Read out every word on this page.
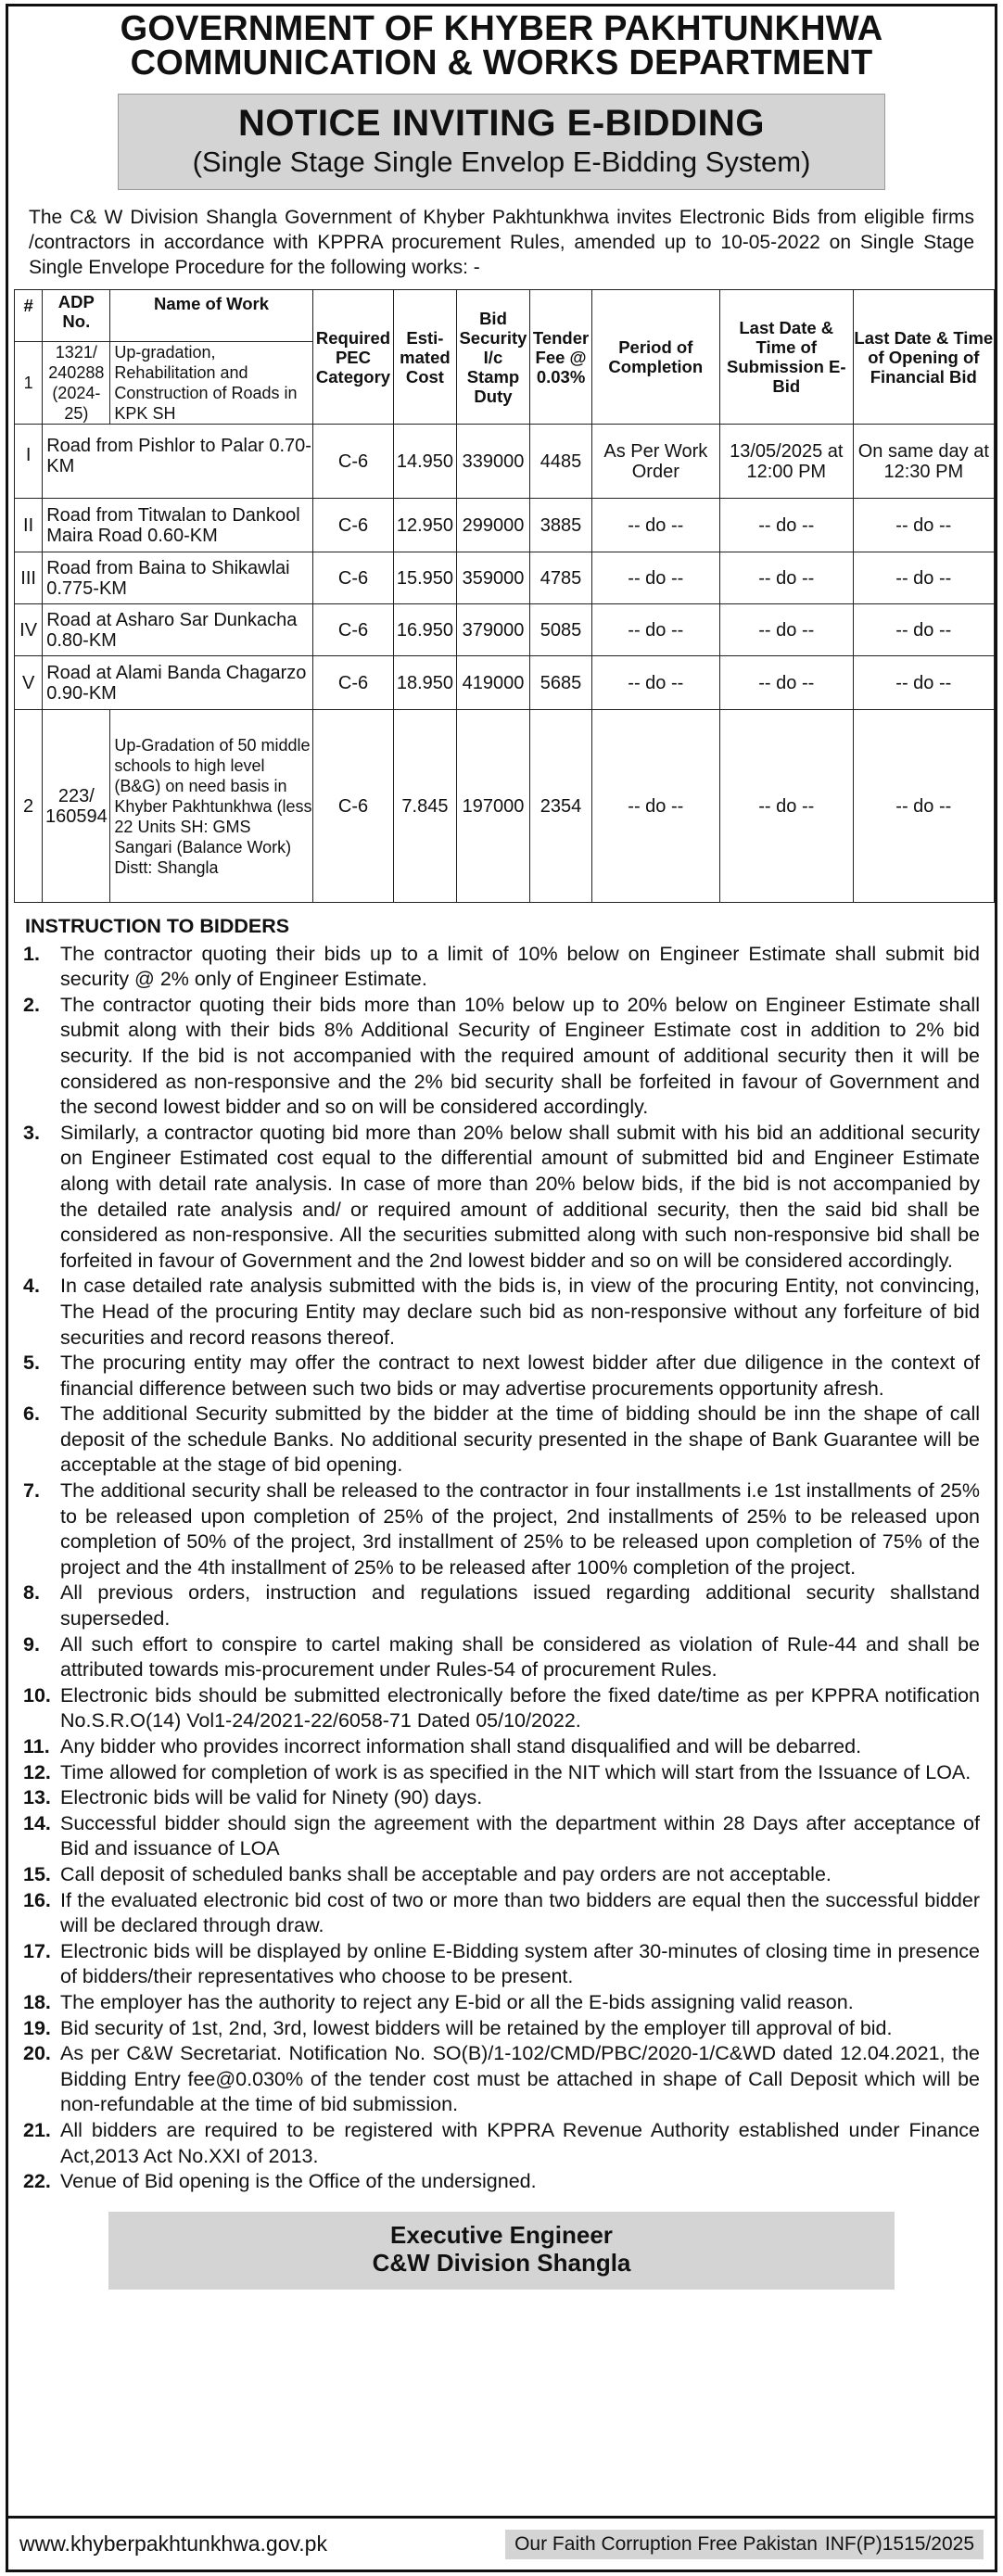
GOVERNMENT OF KHYBER PAKHTUNKHWA
COMMUNICATION & WORKS DEPARTMENT
NOTICE INVITING E-BIDDING
(Single Stage Single Envelop E-Bidding System)

The C& W Division Shangla Government of Khyber Pakhtunkhwa invites Electronic Bids from eligible firms /contractors in accordance with KPPRA procurement Rules, amended up to 10-05-2022 on Single Stage Single Envelope Procedure for the following works: -

#	ADP No.	Name of Work	Required PEC Category	Esti-mated Cost	Bid Security I/c Stamp Duty	Tender Fee @ 0.03%	Period of Completion	Last Date & Time of Submission E-Bid	Last Date & Time of Opening of Financial Bid
1	1321/ 240288 (2024-25)	Up-gradation, Rehabilitation and Construction of Roads in KPK SH							
I	Road from Pishlor to Palar 0.70-KM		C-6	14.950	339000	4485	As Per Work Order	13/05/2025 at 12:00 PM	On same day at 12:30 PM
II	Road from Titwalan to Dankool Maira Road 0.60-KM		C-6	12.950	299000	3885	-- do --	-- do --	-- do --
III	Road from Baina to Shikawlai 0.775-KM		C-6	15.950	359000	4785	-- do --	-- do --	-- do --
IV	Road at Asharo Sar Dunkacha 0.80-KM		C-6	16.950	379000	5085	-- do --	-- do --	-- do --
V	Road at Alami Banda Chagarzo 0.90-KM		C-6	18.950	419000	5685	-- do --	-- do --	-- do --
2	223/ 160594	Up-Gradation of 50 middle schools to high level (B&G) on need basis in Khyber Pakhtunkhwa (less 22 Units SH: GMS Sangari (Balance Work) Distt: Shangla	C-6	7.845	197000	2354	-- do --	-- do --	-- do --
INSTRUCTION TO BIDDERS
1.	The contractor quoting their bids up to a limit of 10% below on Engineer Estimate shall submit bid security @ 2% only of Engineer Estimate.
2.	The contractor quoting their bids more than 10% below up to 20% below on Engineer Estimate shall submit along with their bids 8% Additional Security of Engineer Estimate cost in addition to 2% bid security. If the bid is not accompanied with the required amount of additional security then it will be considered as non-responsive and the 2% bid security shall be forfeited in favour of Government and the second lowest bidder and so on will be considered accordingly.
3.	Similarly, a contractor quoting bid more than 20% below shall submit with his bid an additional security on Engineer Estimated cost equal to the differential amount of submitted bid and Engineer Estimate along with detail rate analysis. In case of more than 20% below bids, if the bid is not accompanied by the detailed rate analysis and/ or required amount of additional security, then the said bid shall be considered as non-responsive. All the securities submitted along with such non-responsive bid shall be forfeited in favour of Government and the 2nd lowest bidder and so on will be considered accordingly.
4.	In case detailed rate analysis submitted with the bids is, in view of the procuring Entity, not convincing, The Head of the procuring Entity may declare such bid as non-responsive without any forfeiture of bid securities and record reasons thereof.
5.	The procuring entity may offer the contract to next lowest bidder after due diligence in the context of financial difference between such two bids or may advertise procurements opportunity afresh.
6.	The additional Security submitted by the bidder at the time of bidding should be inn the shape of call deposit of the schedule Banks. No additional security presented in the shape of Bank Guarantee will be acceptable at the stage of bid opening.
7.	The additional security shall be released to the contractor in four installments i.e 1st installments of 25% to be released upon completion of 25% of the project, 2nd installments of 25% to be released upon completion of 50% of the project, 3rd installment of 25% to be released upon completion of 75% of the project and the 4th installment of 25% to be released after 100% completion of the project.
8.	All previous orders, instruction and regulations issued regarding additional security shallstand superseded.
9.	All such effort to conspire to cartel making shall be considered as violation of Rule-44 and shall be attributed towards mis-procurement under Rules-54 of procurement Rules.
10. Electronic bids should be submitted electronically before the fixed date/time as per KPPRA notification No.S.R.O(14) Vol1-24/2021-22/6058-71 Dated 05/10/2022.
11. Any bidder who provides incorrect information shall stand disqualified and will be debarred.
12. Time allowed for completion of work is as specified in the NIT which will start from the Issuance of LOA.
13. Electronic bids will be valid for Ninety (90) days.
14. Successful bidder should sign the agreement with the department within 28 Days after acceptance of Bid and issuance of LOA
15. Call deposit of scheduled banks shall be acceptable and pay orders are not acceptable.
16. If the evaluated electronic bid cost of two or more than two bidders are equal then the successful bidder will be declared through draw.
17. Electronic bids will be displayed by online E-Bidding system after 30-minutes of closing time in presence of bidders/their representatives who choose to be present.
18. The employer has the authority to reject any E-bid or all the E-bids assigning valid reason.
19. Bid security of 1st, 2nd, 3rd, lowest bidders will be retained by the employer till approval of bid.
20. As per C&W Secretariat. Notification No. SO(B)/1-102/CMD/PBC/2020-1/C&WD dated 12.04.2021, the Bidding Entry fee@0.030% of the tender cost must be attached in shape of Call Deposit which will be non-refundable at the time of bid submission.
21. All bidders are required to be registered with KPPRA Revenue Authority established under Finance Act,2013 Act No.XXI of 2013.
22. Venue of Bid opening is the Office of the undersigned.
Executive Engineer
C&W Division Shangla
www.khyberpakhtunkhwa.gov.pk	Our Faith Corruption Free Pakistan INF(P)1515/2025
